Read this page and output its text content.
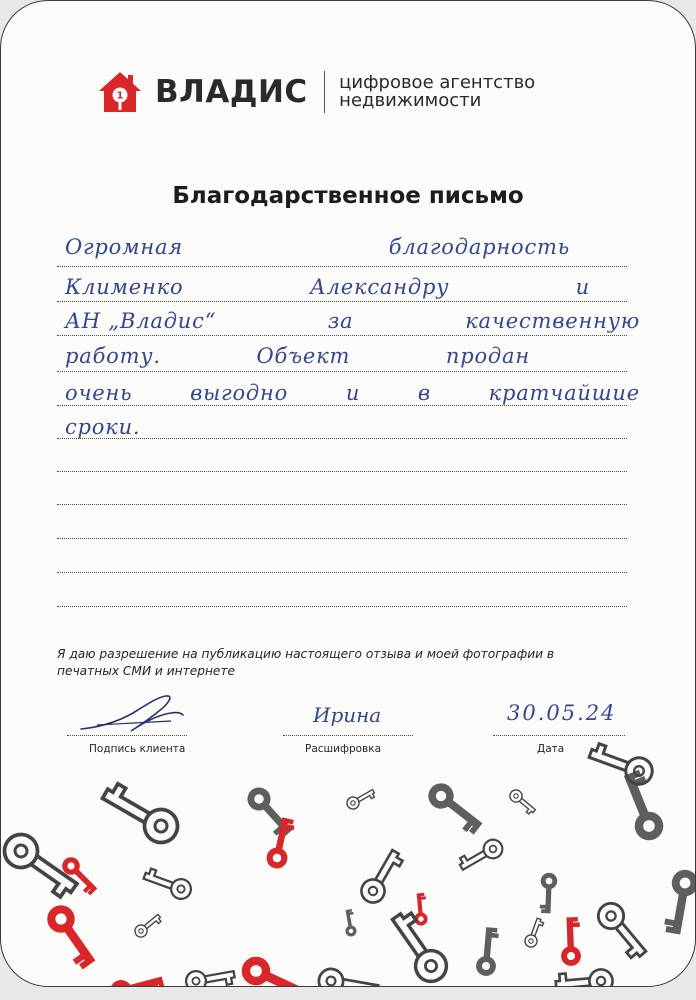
1 ВЛАДИС цифровое агентство
недвижимости
Благодарственное письмо
Огромная	благодарность
Клименко	Александру	и
АН „Владис“	за	качественную
работу.	Объект	продан
очень	выгодно	и	в	кратчайшие
сроки.
Я даю разрешение на публикацию настоящего отзыва и моей фотографии в печатных СМИ и интернете
Подпись клиента
Ирина
Расшифровка
30.05.24
Дата
